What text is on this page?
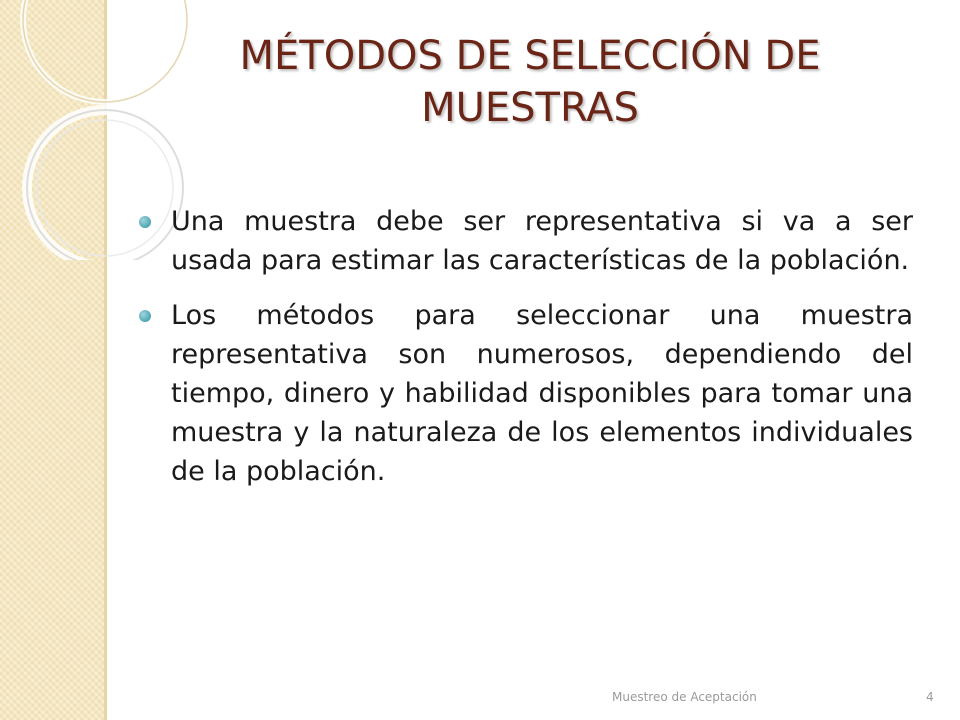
MÉTODOS DE SELECCIÓN DE MUESTRAS
Una muestra debe ser representativa si va a ser usada para estimar las características de la población.
Los métodos para seleccionar una muestra representativa son numerosos, dependiendo del tiempo, dinero y habilidad disponibles para tomar una muestra y la naturaleza de los elementos individuales de la población.
Muestreo de Aceptación	4
